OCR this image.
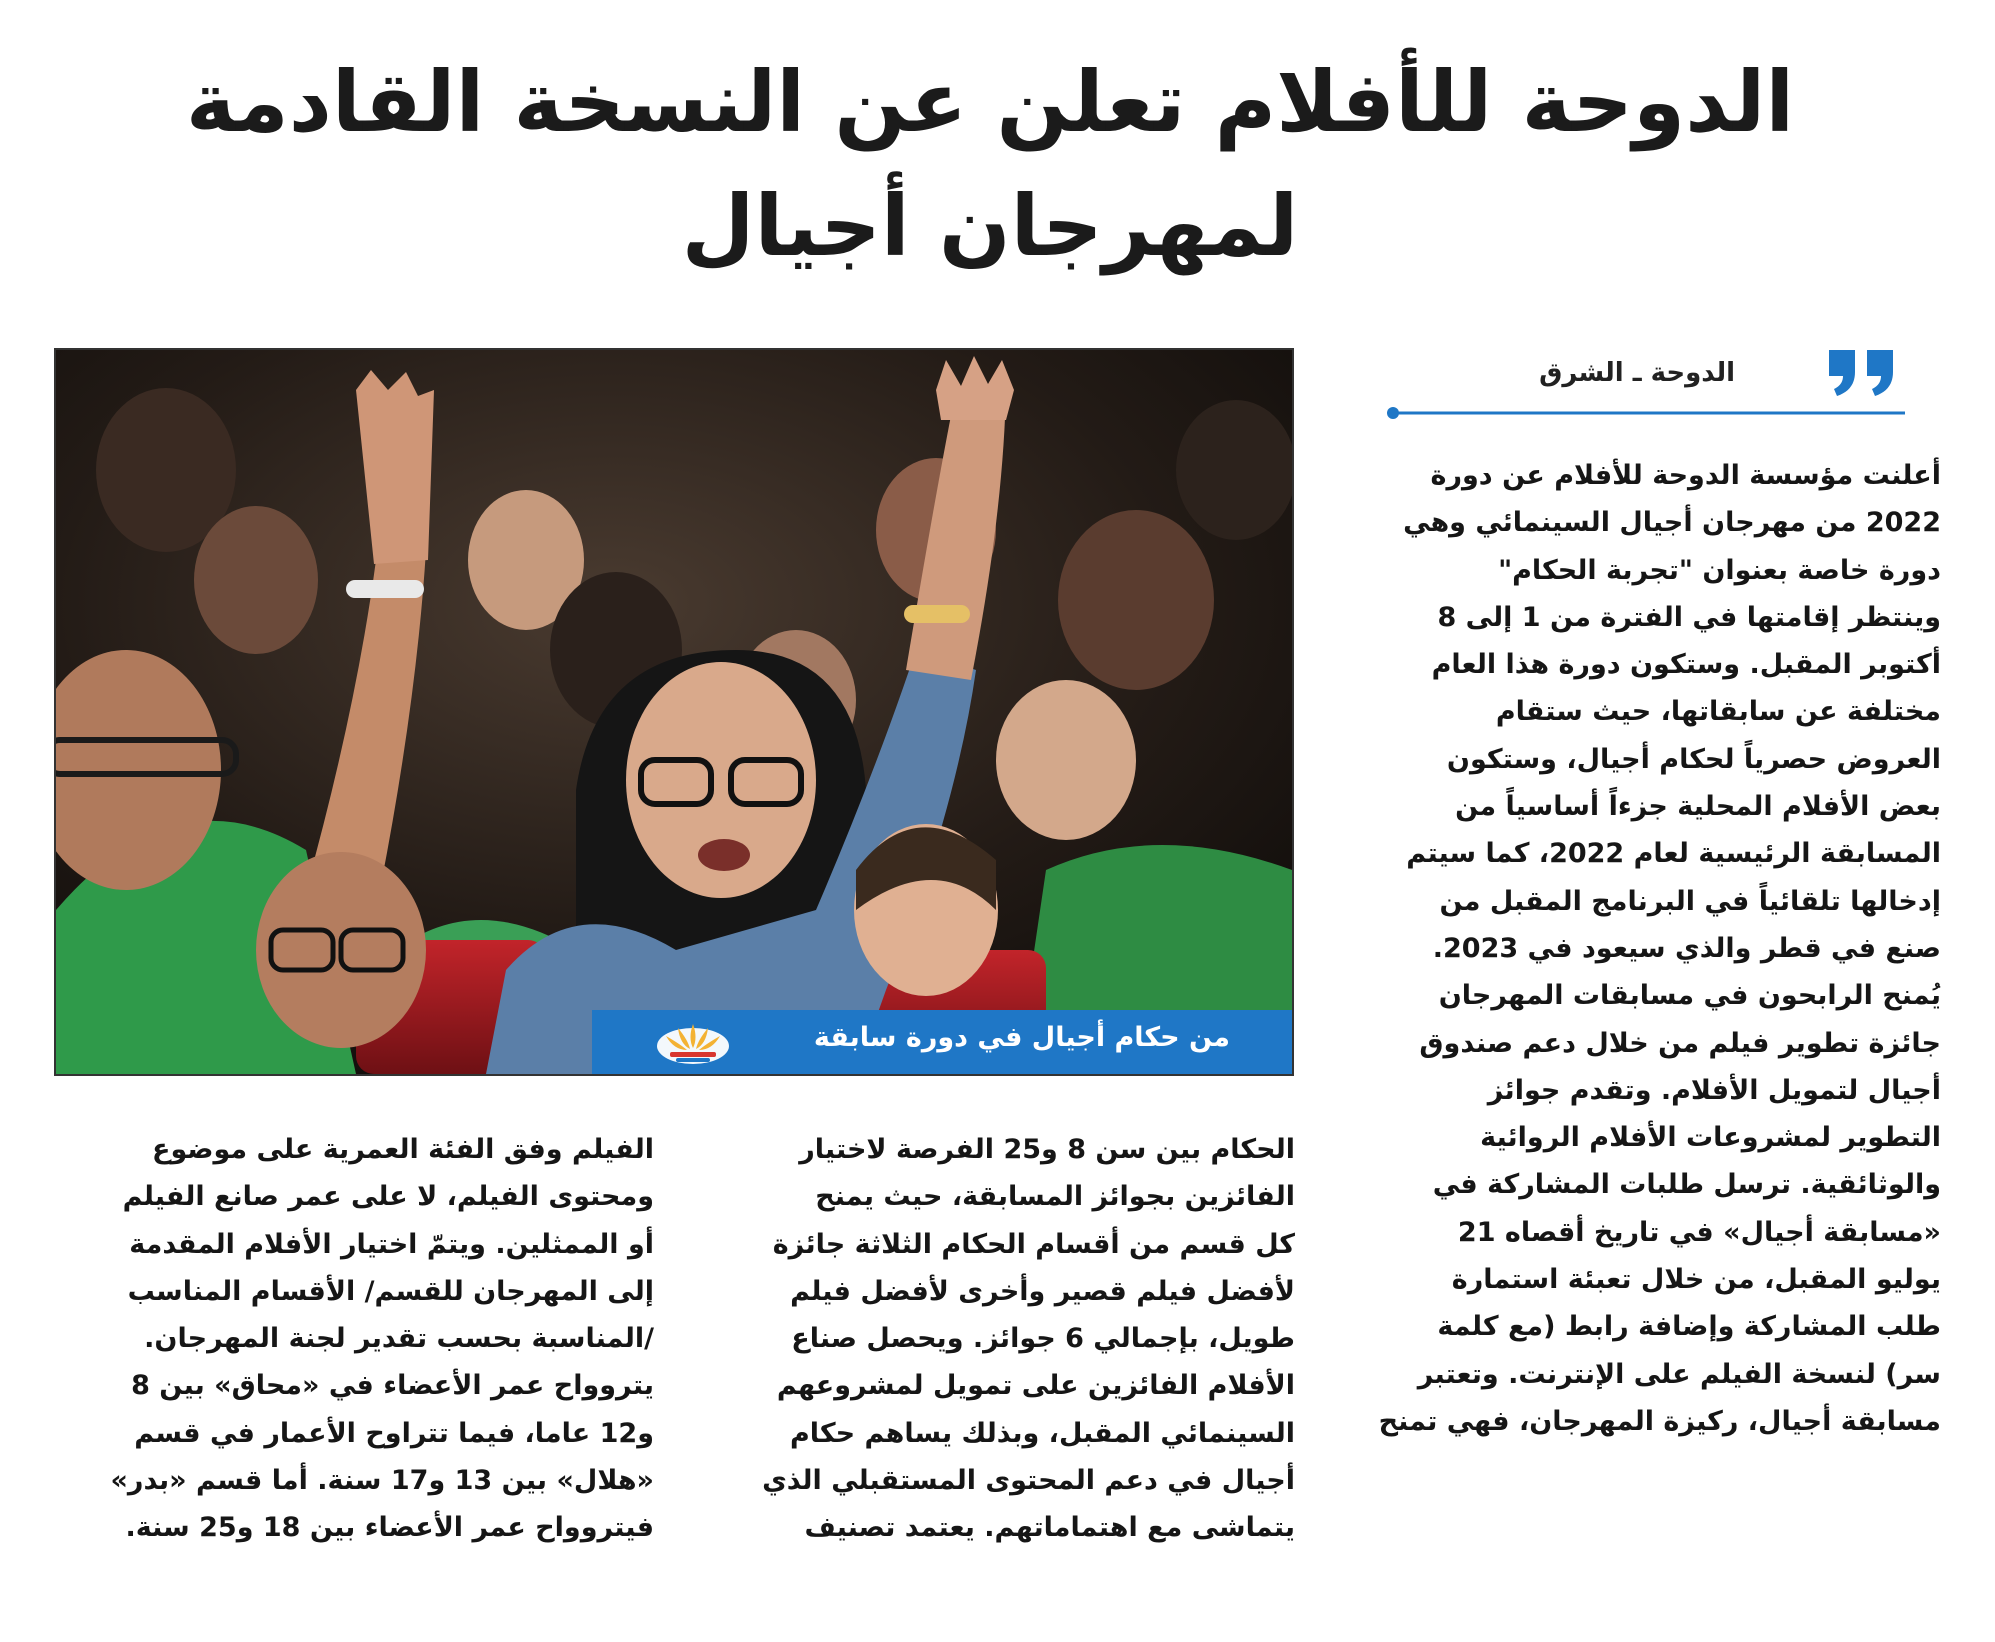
الدوحة للأفلام تعلن عن النسخة القادمة
لمهرجان أجيال
الدوحة ـ الشرق
من حكام أجيال في دورة سابقة
أعلنت مؤسسة الدوحة للأفلام عن دورة
2022 من مهرجان أجيال السينمائي وهي
دورة خاصة بعنوان "تجربة الحكام"
وينتظر إقامتها في الفترة من 1 إلى 8
أكتوبر المقبل. وستكون دورة هذا العام
مختلفة عن سابقاتها، حيث ستقام
العروض حصرياً لحكام أجيال، وستكون
بعض الأفلام المحلية جزءاً أساسياً من
المسابقة الرئيسية لعام 2022، كما سيتم
إدخالها تلقائياً في البرنامج المقبل من
صنع في قطر والذي سيعود في 2023.
يُمنح الرابحون في مسابقات المهرجان
جائزة تطوير فيلم من خلال دعم صندوق
أجيال لتمويل الأفلام. وتقدم جوائز
التطوير لمشروعات الأفلام الروائية
والوثائقية. ترسل طلبات المشاركة في
«مسابقة أجيال» في تاريخ أقصاه 21
يوليو المقبل، من خلال تعبئة استمارة
طلب المشاركة وإضافة رابط (مع كلمة
سر) لنسخة الفيلم على الإنترنت. وتعتبر
مسابقة أجيال، ركيزة المهرجان، فهي تمنح
الحكام بين سن 8 و25 الفرصة لاختيار
الفائزين بجوائز المسابقة، حيث يمنح
كل قسم من أقسام الحكام الثلاثة جائزة
لأفضل فيلم قصير وأخرى لأفضل فيلم
طويل، بإجمالي 6 جوائز. ويحصل صناع
الأفلام الفائزين على تمويل لمشروعهم
السينمائي المقبل، وبذلك يساهم حكام
أجيال في دعم المحتوى المستقبلي الذي
يتماشى مع اهتماماتهم. يعتمد تصنيف
الفيلم وفق الفئة العمرية على موضوع
ومحتوى الفيلم، لا على عمر صانع الفيلم
أو الممثلين. ويتمّ اختيار الأفلام المقدمة
إلى المهرجان للقسم/ الأقسام المناسب
/المناسبة بحسب تقدير لجنة المهرجان.
يتروواح عمر الأعضاء في «محاق» بين 8
و12 عاما، فيما تتراوح الأعمار في قسم
«هلال» بين 13 و17 سنة. أما قسم «بدر»
فيتروواح عمر الأعضاء بين 18 و25 سنة.
